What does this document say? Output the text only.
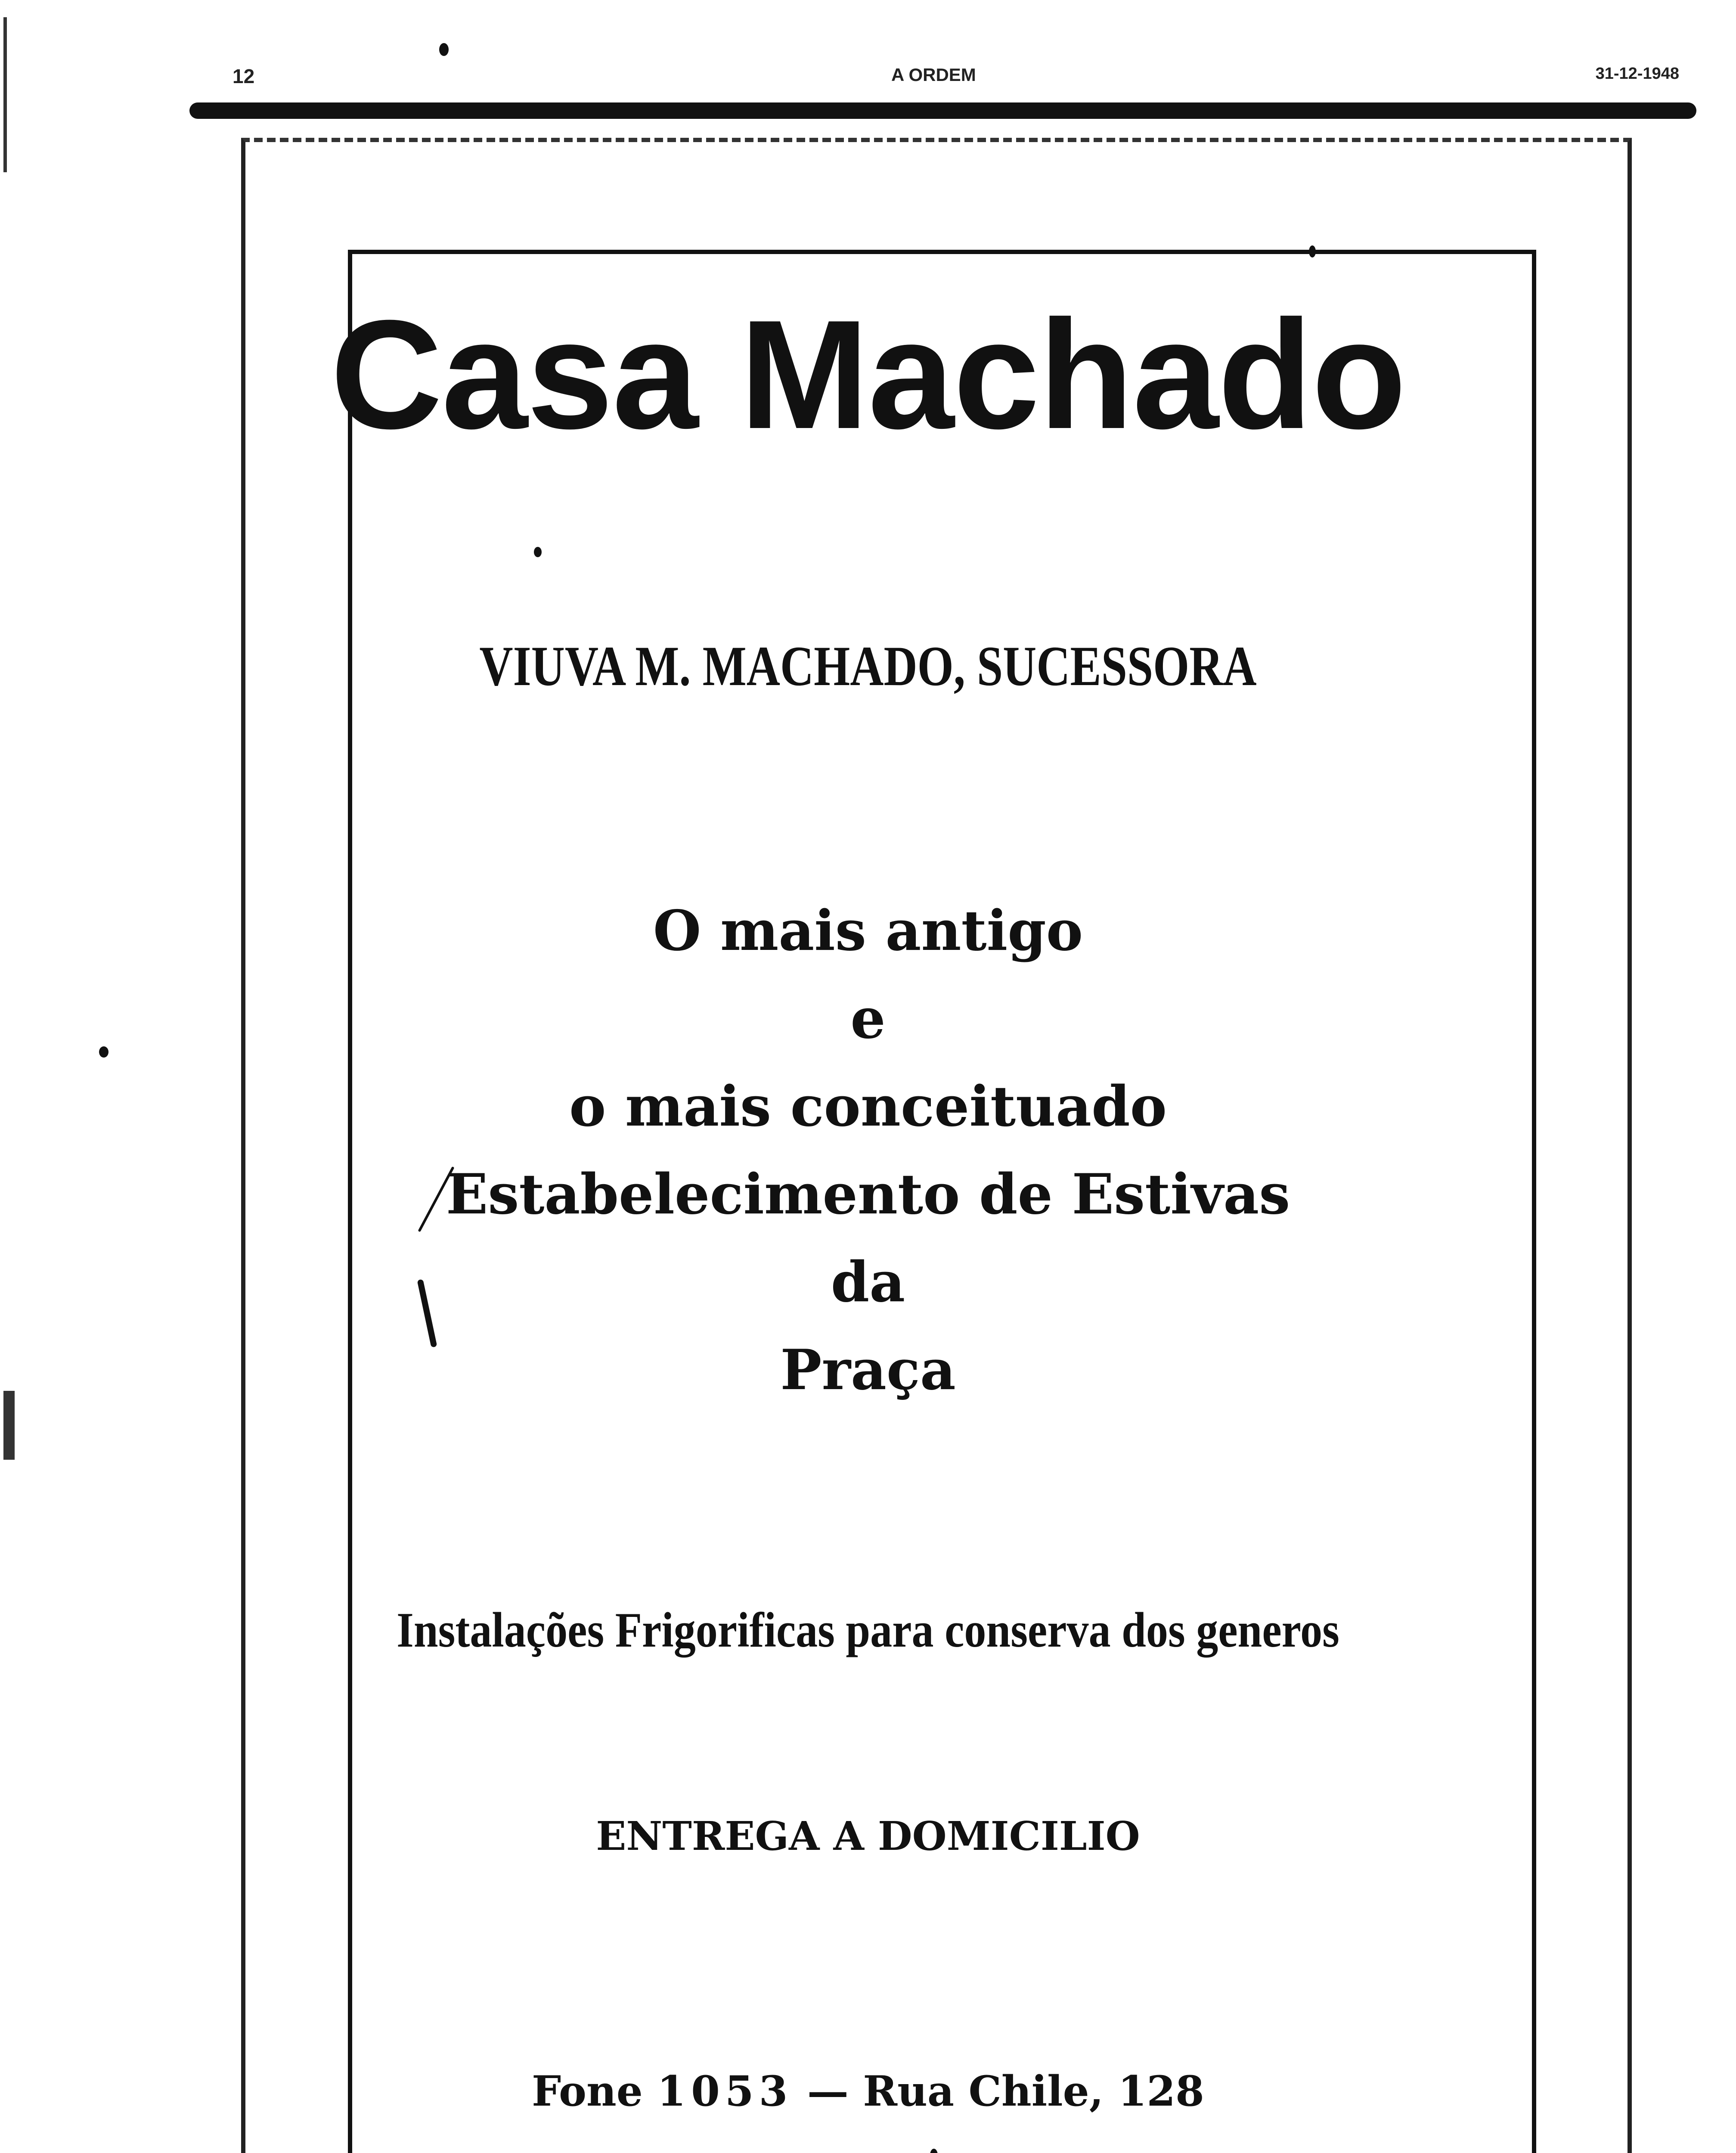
12	A ORDEM	31-12-1948
Casa Machado
VIUVA M. MACHADO, SUCESSORA
O mais antigo
e
o mais conceituado
Estabelecimento de Estivas
da
Praça
Instalações Frigorificas para conserva dos generos
ENTREGA A DOMICILIO
Fone 1053 — Rua Chile, 128
